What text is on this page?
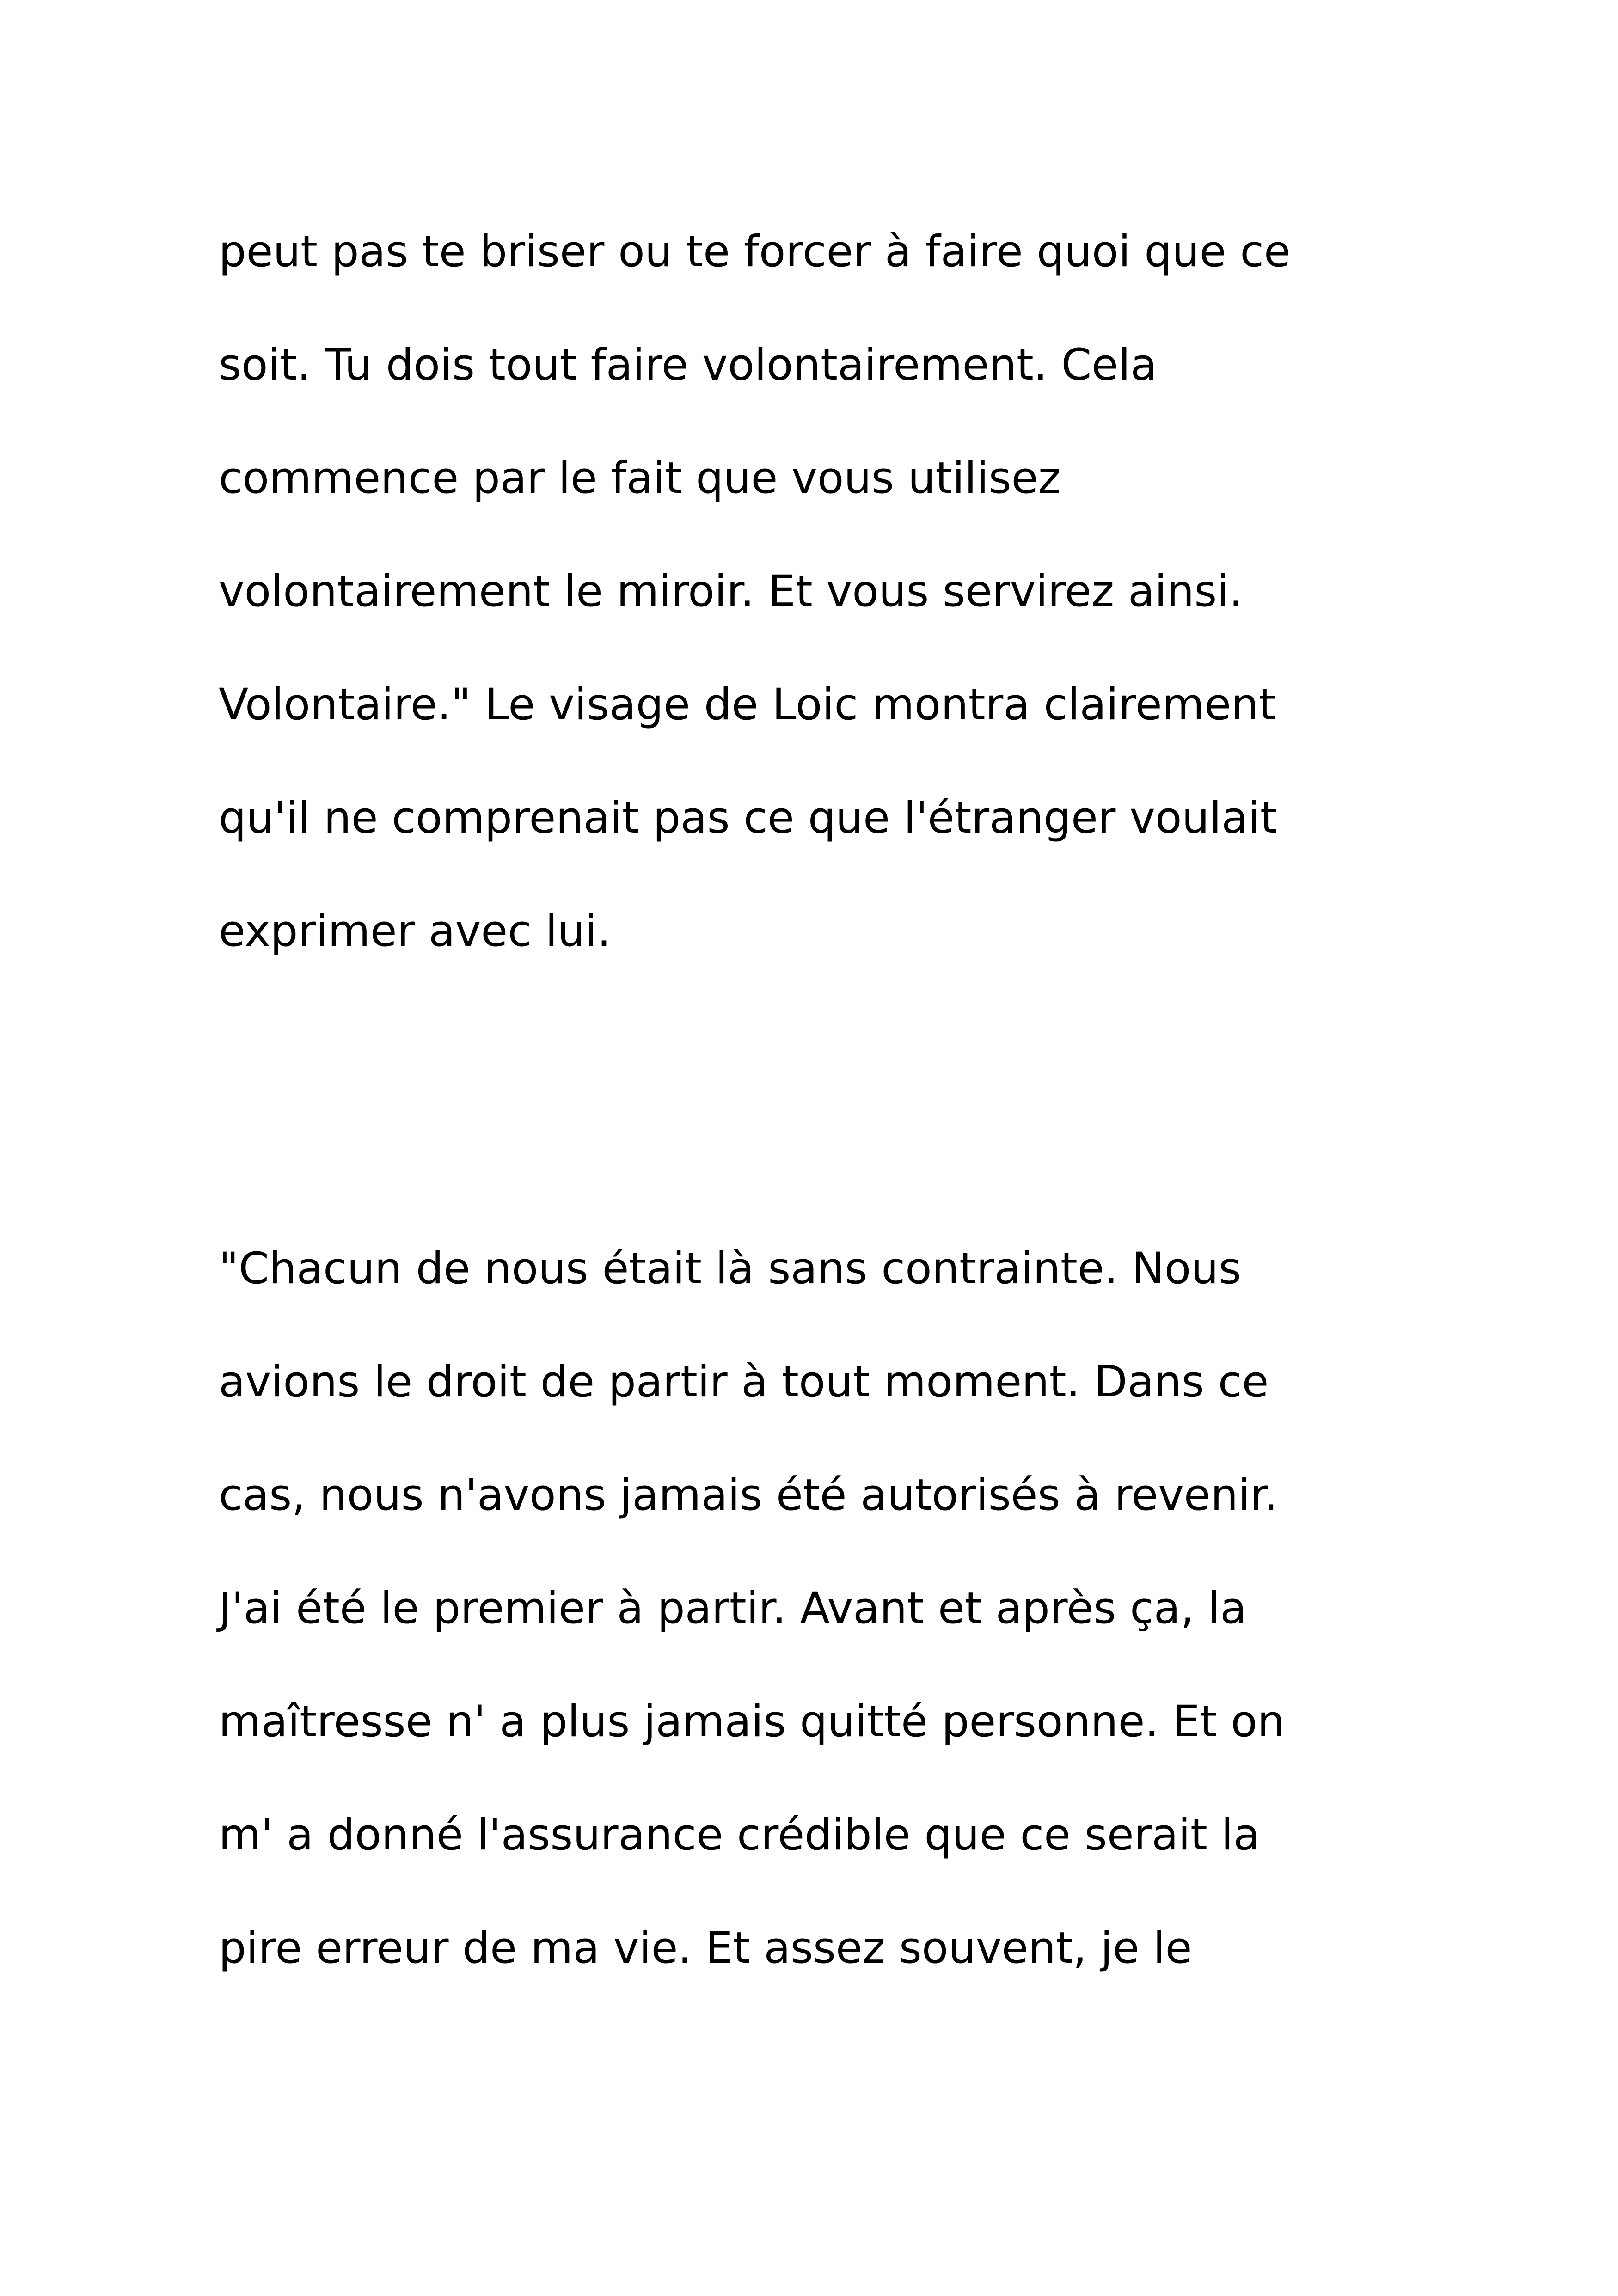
peut pas te briser ou te forcer à faire quoi que ce
soit. Tu dois tout faire volontairement. Cela
commence par le fait que vous utilisez
volontairement le miroir. Et vous servirez ainsi.
Volontaire." Le visage de Loic montra clairement
qu'il ne comprenait pas ce que l'étranger voulait
exprimer avec lui.
"Chacun de nous était là sans contrainte. Nous
avions le droit de partir à tout moment. Dans ce
cas, nous n'avons jamais été autorisés à revenir.
J'ai été le premier à partir. Avant et après ça, la
maîtresse n' a plus jamais quitté personne. Et on
m' a donné l'assurance crédible que ce serait la
pire erreur de ma vie. Et assez souvent, je le
